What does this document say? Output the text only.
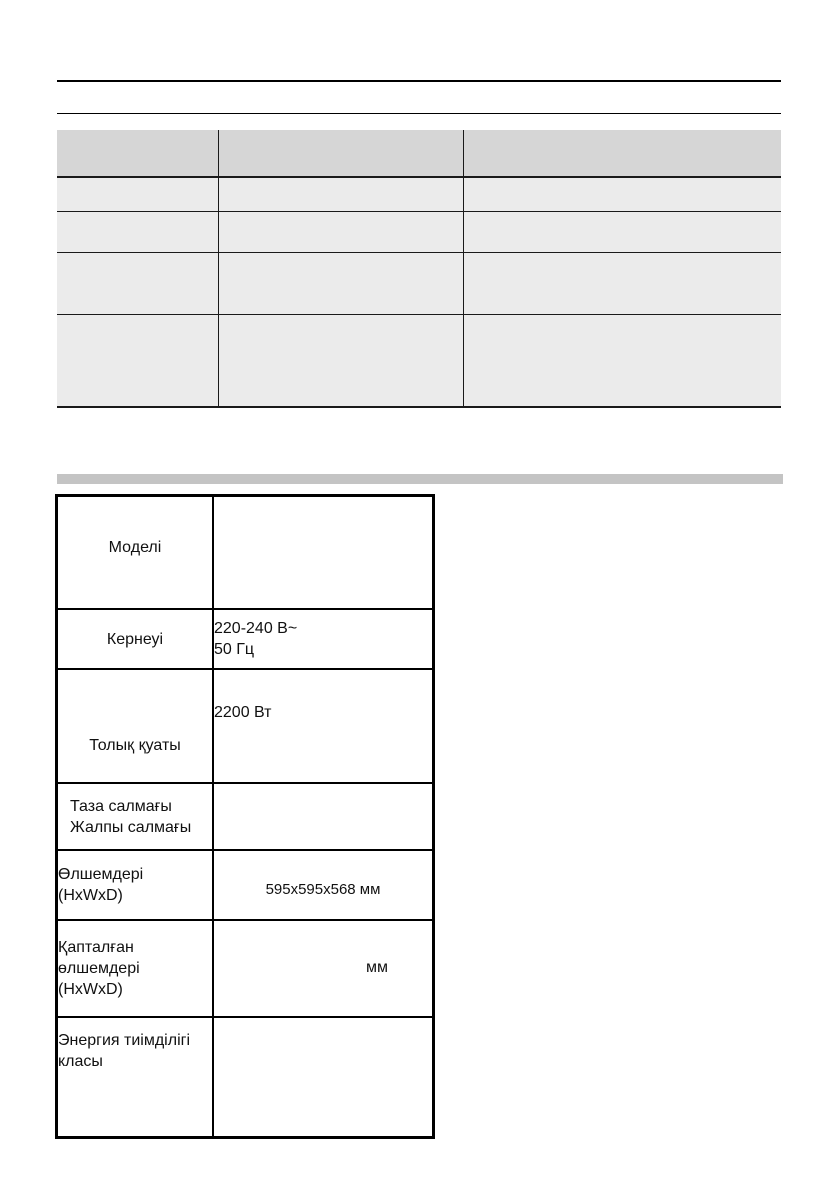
Моделі	
Кернеуі	220-240 В~
50 Гц

Толық қуаты	2200 Вт

Таза салмағы
Жалпы салмағы	

Өлшемдері
(HxWxD)	595x595x568 мм

Қапталған
өлшемдері
(HxWxD)	мм

Энергия тиімділігі
класы	
